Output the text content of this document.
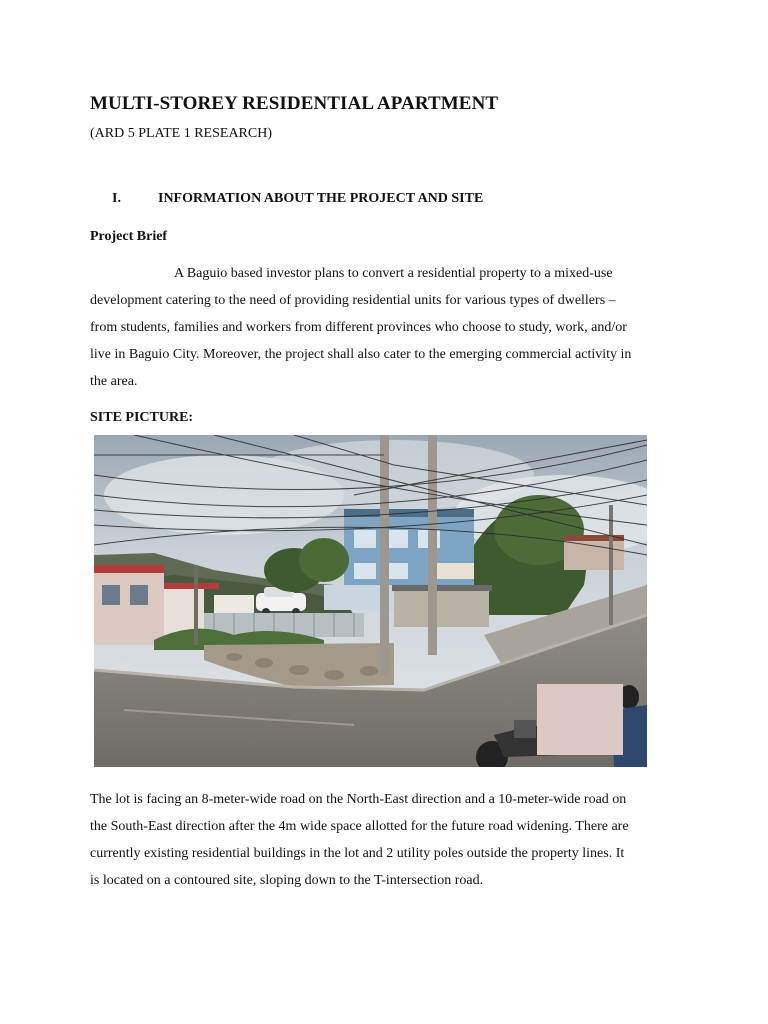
MULTI-STOREY RESIDENTIAL APARTMENT
(ARD 5 PLATE 1 RESEARCH)
I.	INFORMATION ABOUT THE PROJECT AND SITE
Project Brief

A Baguio based investor plans to convert a residential property to a mixed-use
development catering to the need of providing residential units for various types of dwellers –
from students, families and workers from different provinces who choose to study, work, and/or
live in Baguio City. Moreover, the project shall also cater to the emerging commercial activity in
the area.

SITE PICTURE:

The lot is facing an 8-meter-wide road on the North-East direction and a 10-meter-wide road on
the South-East direction after the 4m wide space allotted for the future road widening. There are
currently existing residential buildings in the lot and 2 utility poles outside the property lines. It
is located on a contoured site, sloping down to the T-intersection road.
